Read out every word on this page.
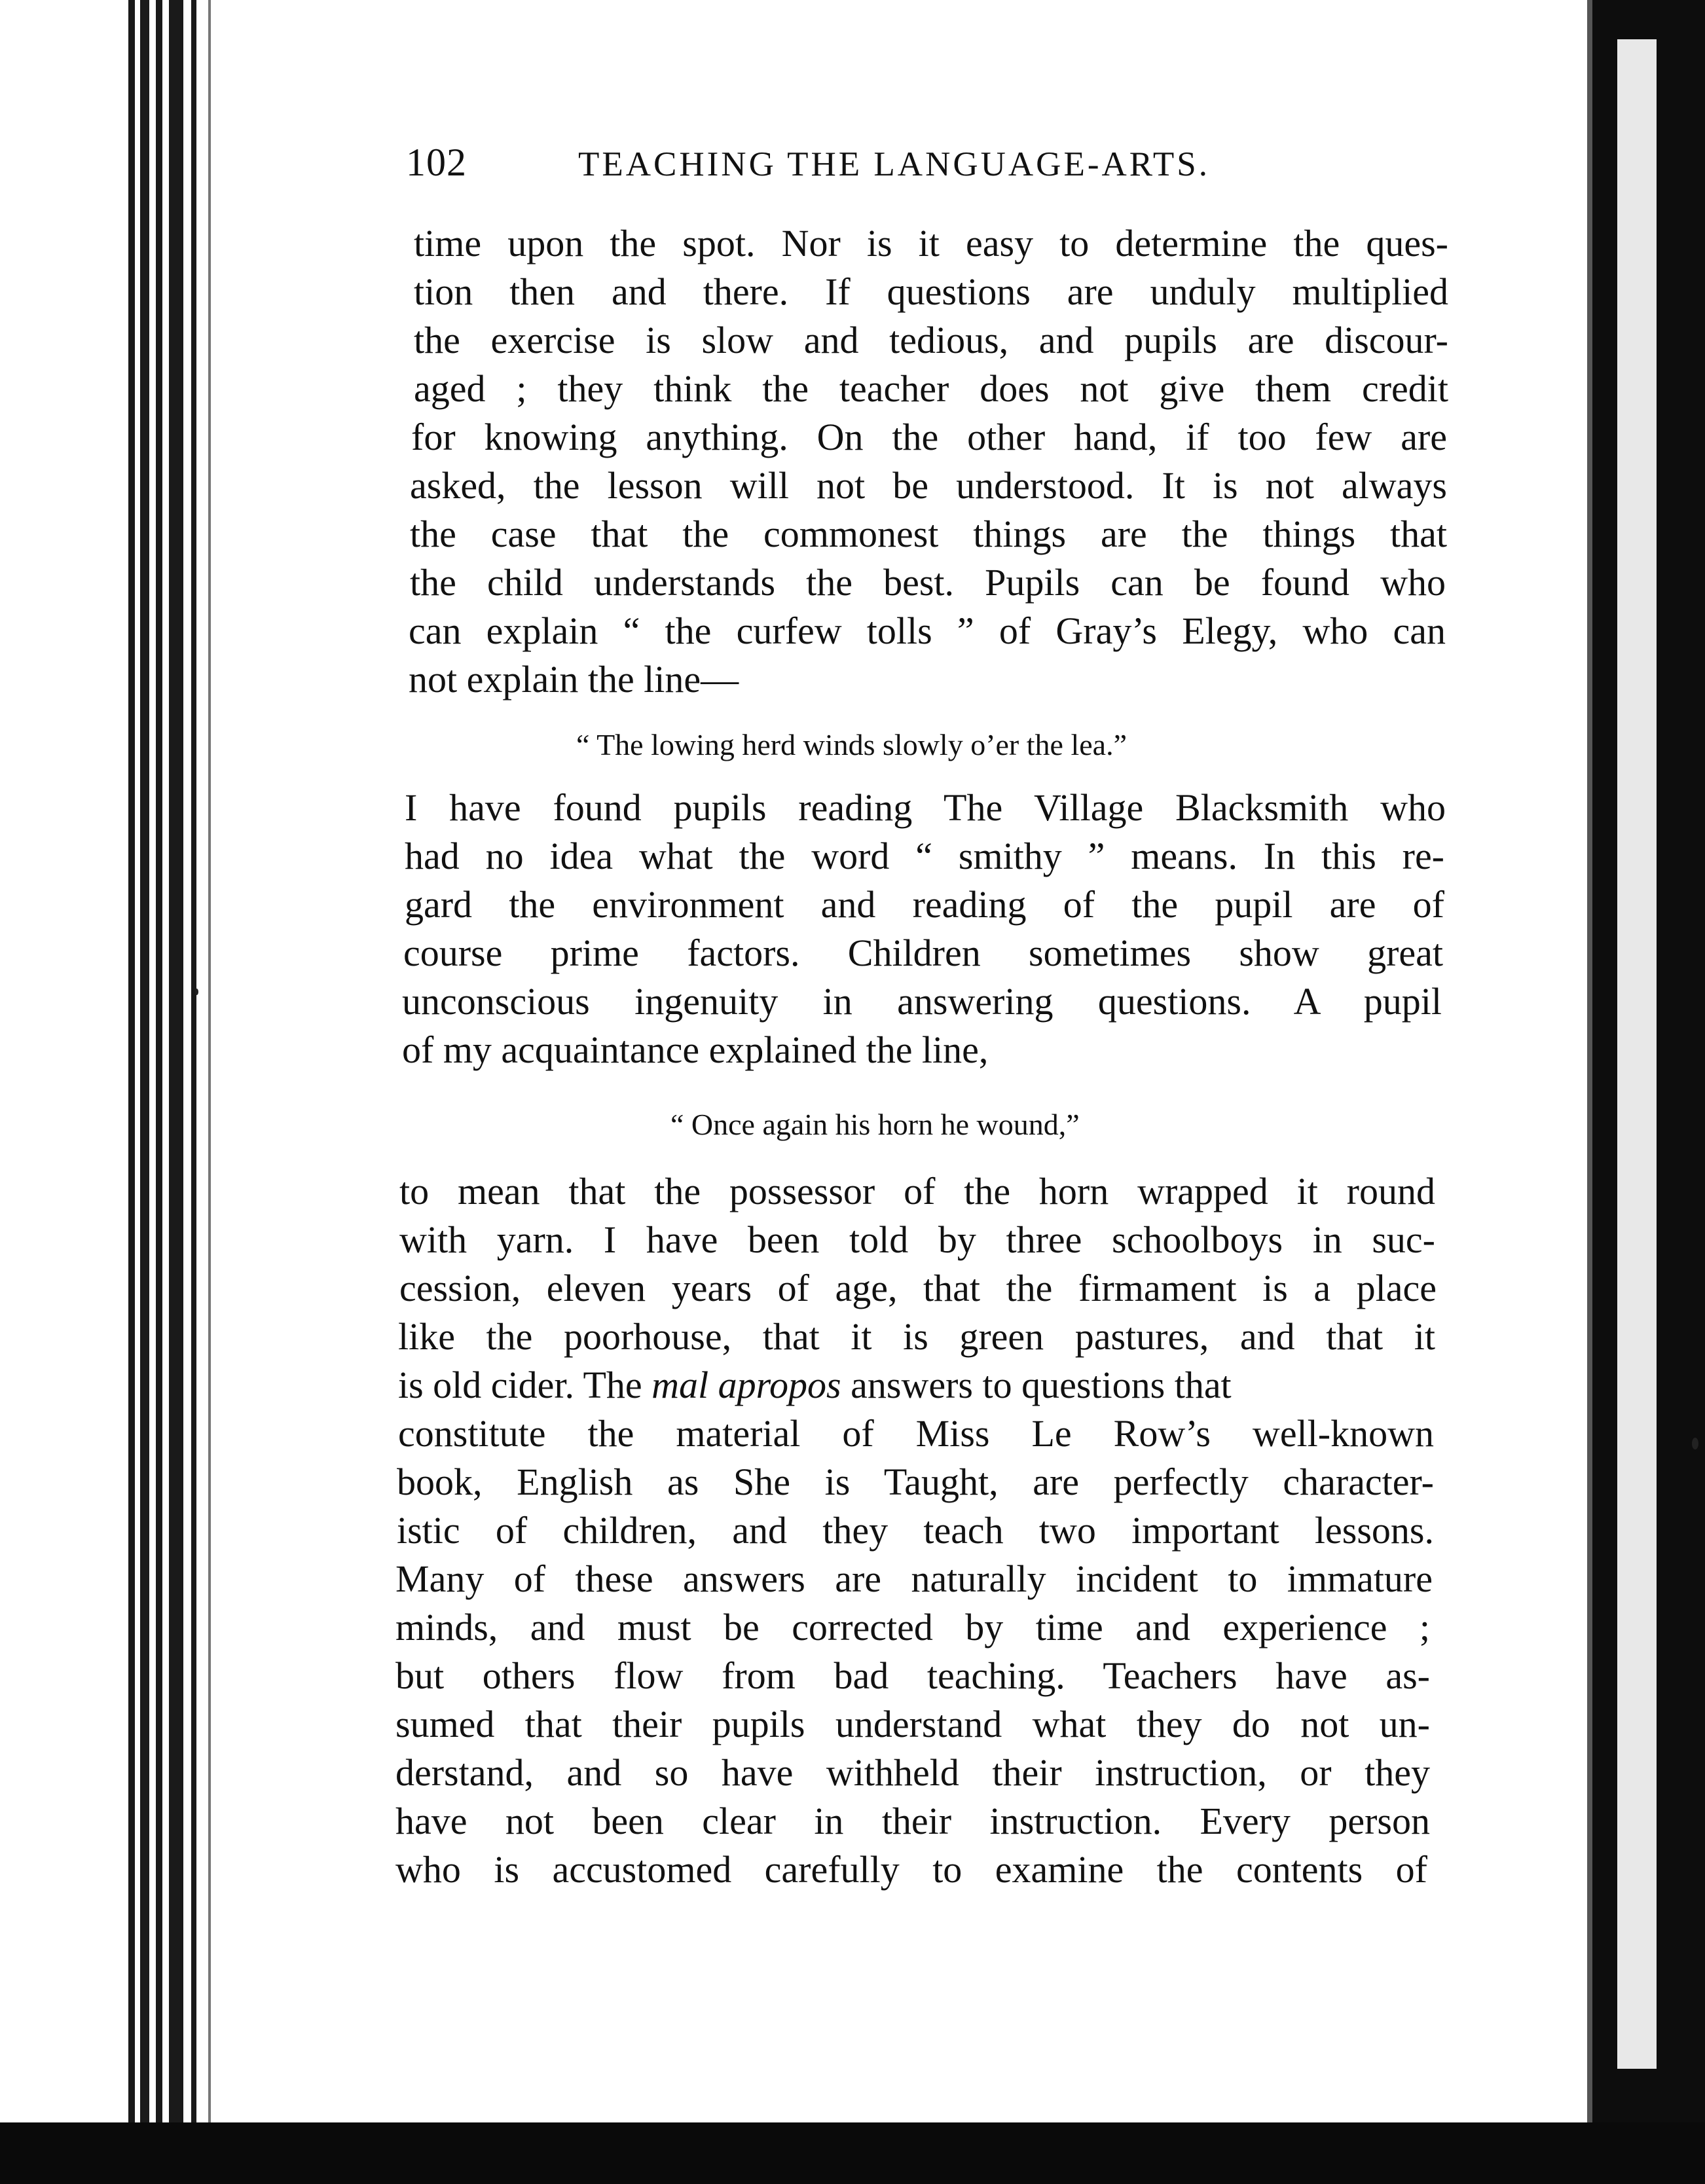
102	TEACHING THE LANGUAGE-ARTS.
time upon the spot. Nor is it easy to determine the ques-
tion then and there. If questions are unduly multiplied
the exercise is slow and tedious, and pupils are discour-
aged ; they think the teacher does not give them credit
for knowing anything. On the other hand, if too few are
asked, the lesson will not be understood. It is not always
the case that the commonest things are the things that
the child understands the best. Pupils can be found who
can explain “ the curfew tolls ” of Gray’s Elegy, who can
not explain the line—
“ The lowing herd winds slowly o’er the lea.”
I have found pupils reading The Village Blacksmith who
had no idea what the word “ smithy ” means. In this re-
gard the environment and reading of the pupil are of
course prime factors. Children sometimes show great
unconscious ingenuity in answering questions. A pupil
of my acquaintance explained the line,
“ Once again his horn he wound,”
to mean that the possessor of the horn wrapped it round
with yarn. I have been told by three schoolboys in suc-
cession, eleven years of age, that the firmament is a place
like the poorhouse, that it is green pastures, and that it
is old cider. The mal apropos answers to questions that
constitute the material of Miss Le Row’s well-known
book, English as She is Taught, are perfectly character-
istic of children, and they teach two important lessons.
Many of these answers are naturally incident to immature
minds, and must be corrected by time and experience ;
but others flow from bad teaching. Teachers have as-
sumed that their pupils understand what they do not un-
derstand, and so have withheld their instruction, or they
have not been clear in their instruction. Every person
who is accustomed carefully to examine the contents of
